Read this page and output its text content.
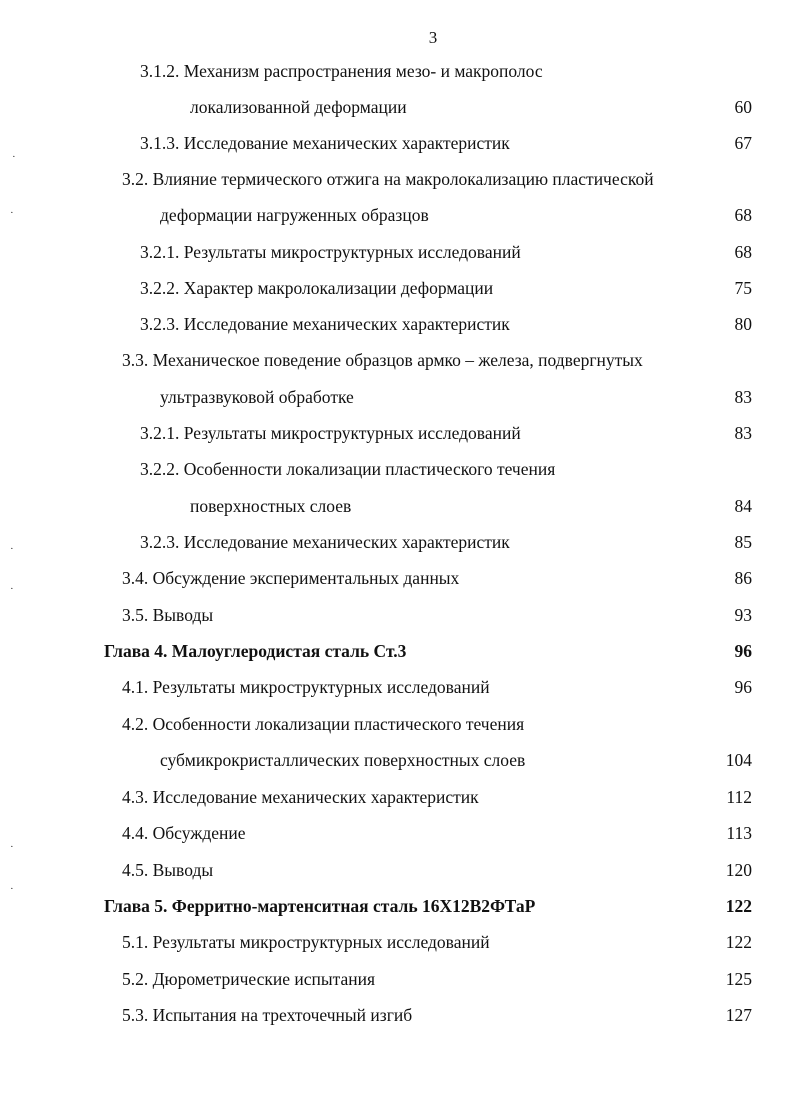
3
3.1.2. Механизм распространения мезо- и макрополос
локализованной деформации	60
3.1.3. Исследование механических характеристик	67
3.2. Влияние термического отжига на макролокализацию пластической
деформации нагруженных образцов	68
3.2.1. Результаты микроструктурных исследований	68
3.2.2. Характер макролокализации деформации	75
3.2.3. Исследование механических характеристик	80
3.3. Механическое поведение образцов армко – железа, подвергнутых
ультразвуковой обработке	83
3.2.1. Результаты микроструктурных исследований	83
3.2.2. Особенности локализации пластического течения
поверхностных слоев	84
3.2.3. Исследование механических характеристик	85
3.4. Обсуждение экспериментальных данных	86
3.5. Выводы	93
Глава 4. Малоуглеродистая сталь Ст.3	96
4.1. Результаты микроструктурных исследований	96
4.2. Особенности локализации пластического течения
субмикрокристаллических поверхностных слоев	104
4.3. Исследование механических характеристик	112
4.4. Обсуждение	113
4.5. Выводы	120
Глава 5. Ферритно-мартенситная сталь 16Х12В2ФТаР	122
5.1. Результаты микроструктурных исследований	122
5.2. Дюрометрические испытания	125
5.3. Испытания на трехточечный изгиб	127
·
·
·
·
·
·
